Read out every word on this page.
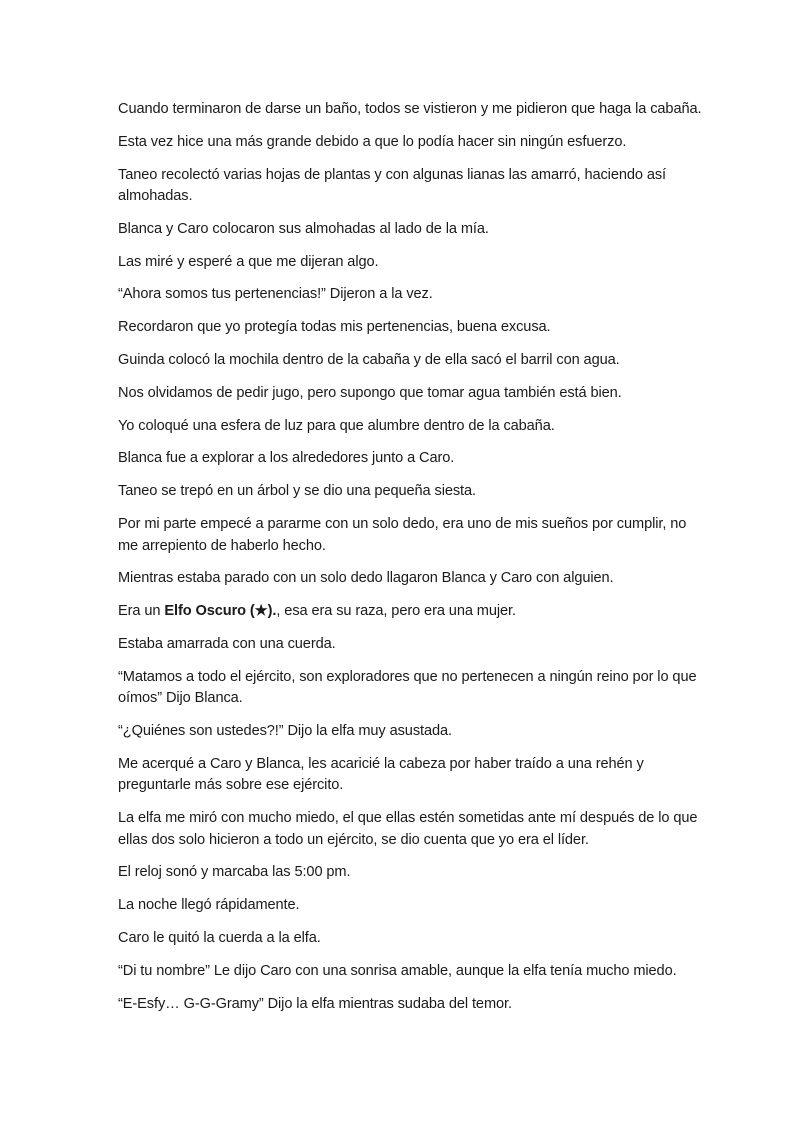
Cuando terminaron de darse un baño, todos se vistieron y me pidieron que haga la cabaña.

Esta vez hice una más grande debido a que lo podía hacer sin ningún esfuerzo.

Taneo recolectó varias hojas de plantas y con algunas lianas las amarró, haciendo así almohadas.

Blanca y Caro colocaron sus almohadas al lado de la mía.

Las miré y esperé a que me dijeran algo.

“Ahora somos tus pertenencias!” Dijeron a la vez.

Recordaron que yo protegía todas mis pertenencias, buena excusa.

Guinda colocó la mochila dentro de la cabaña y de ella sacó el barril con agua.

Nos olvidamos de pedir jugo, pero supongo que tomar agua también está bien.

Yo coloqué una esfera de luz para que alumbre dentro de la cabaña.

Blanca fue a explorar a los alrededores junto a Caro.

Taneo se trepó en un árbol y se dio una pequeña siesta.

Por mi parte empecé a pararme con un solo dedo, era uno de mis sueños por cumplir, no me arrepiento de haberlo hecho.

Mientras estaba parado con un solo dedo llagaron Blanca y Caro con alguien.

Era un Elfo Oscuro (★)., esa era su raza, pero era una mujer.

Estaba amarrada con una cuerda.

“Matamos a todo el ejército, son exploradores que no pertenecen a ningún reino por lo que oímos” Dijo Blanca.

“¿Quiénes son ustedes?!” Dijo la elfa muy asustada.

Me acerqué a Caro y Blanca, les acaricié la cabeza por haber traído a una rehén y preguntarle más sobre ese ejército.

La elfa me miró con mucho miedo, el que ellas estén sometidas ante mí después de lo que ellas dos solo hicieron a todo un ejército, se dio cuenta que yo era el líder.

El reloj sonó y marcaba las 5:00 pm.

La noche llegó rápidamente.

Caro le quitó la cuerda a la elfa.

“Di tu nombre” Le dijo Caro con una sonrisa amable, aunque la elfa tenía mucho miedo.

“E-Esfy… G-G-Gramy” Dijo la elfa mientras sudaba del temor.
